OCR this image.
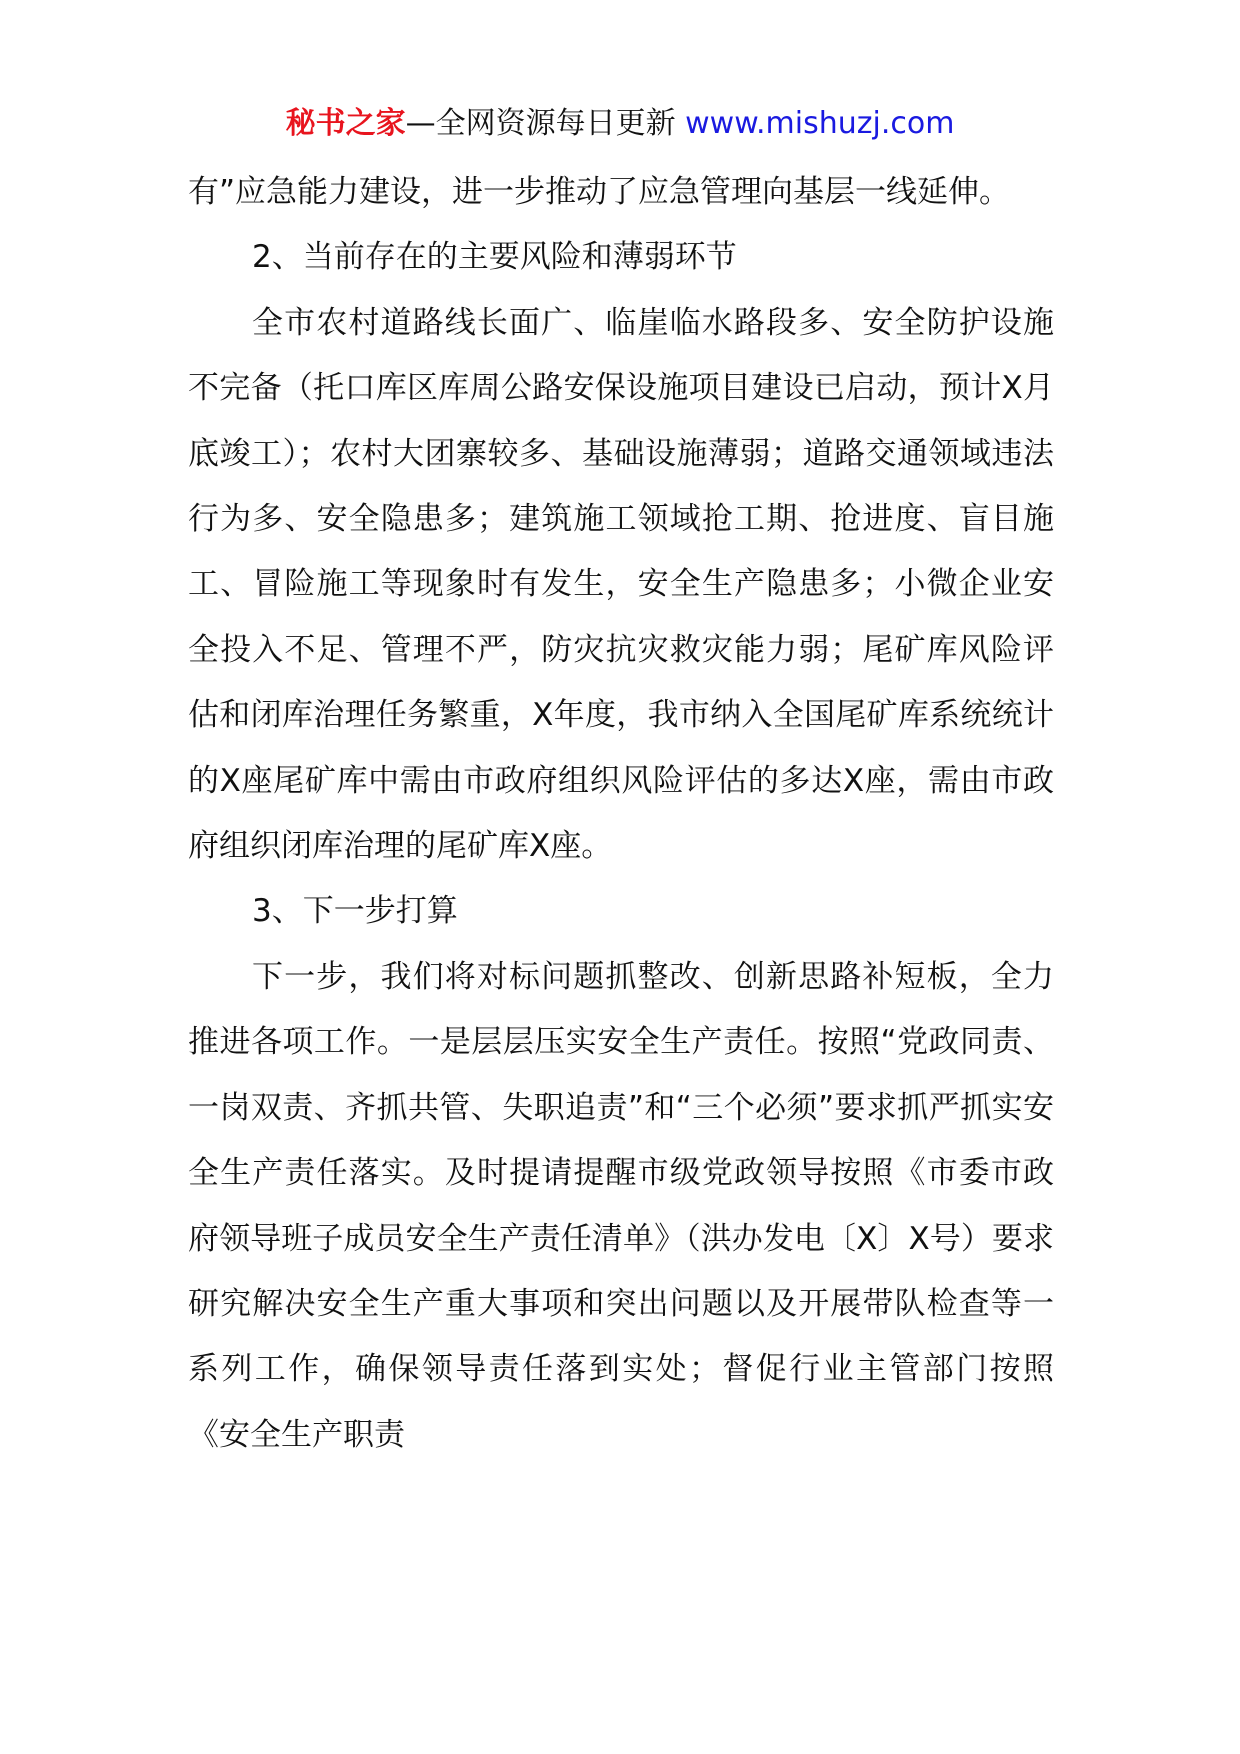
秘书之家—全网资源每日更新 www.mishuzj.com

有”应急能力建设，进一步推动了应急管理向基层一线延伸。

2、当前存在的主要风险和薄弱环节

全市农村道路线长面广、临崖临水路段多、安全防护设施不完备（托口库区库周公路安保设施项目建设已启动，预计X月底竣工）；农村大团寨较多、基础设施薄弱；道路交通领域违法行为多、安全隐患多；建筑施工领域抢工期、抢进度、盲目施工、冒险施工等现象时有发生，安全生产隐患多；小微企业安全投入不足、管理不严，防灾抗灾救灾能力弱；尾矿库风险评估和闭库治理任务繁重，X年度，我市纳入全国尾矿库系统统计的X座尾矿库中需由市政府组织风险评估的多达X座，需由市政府组织闭库治理的尾矿库X座。

3、下一步打算

下一步，我们将对标问题抓整改、创新思路补短板，全力推进各项工作。一是层层压实安全生产责任。按照“党政同责、一岗双责、齐抓共管、失职追责”和“三个必须”要求抓严抓实安全生产责任落实。及时提请提醒市级党政领导按照《市委市政府领导班子成员安全生产责任清单》（洪办发电〔X〕X号）要求研究解决安全生产重大事项和突出问题以及开展带队检查等一系列工作，确保领导责任落到实处；督促行业主管部门按照《安全生产职责
